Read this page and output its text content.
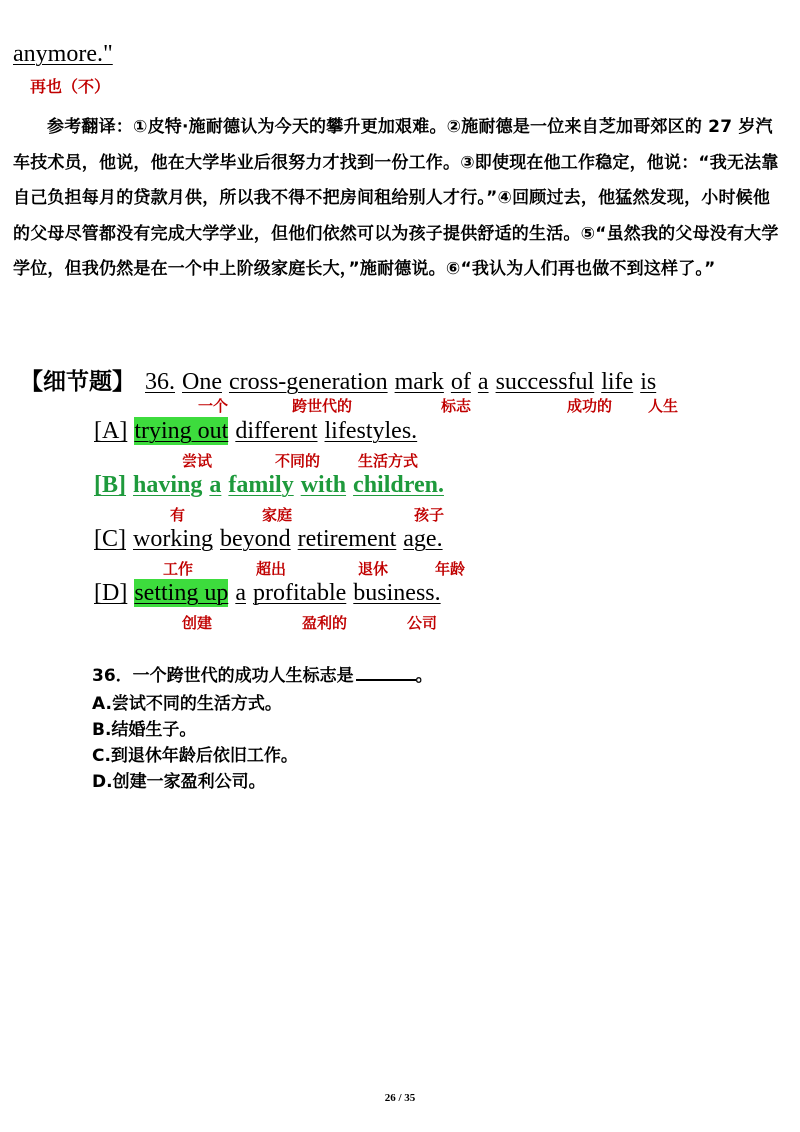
anymore."
再也（不）
参考翻译：①皮特·施耐德认为今天的攀升更加艰难。②施耐德是一位来自芝加哥郊区的 27 岁汽车技术员，他说，他在大学毕业后很努力才找到一份工作。③即使现在他工作稳定，他说：“我无法靠自己负担每月的贷款月供，所以我不得不把房间租给别人才行。”④回顾过去，他猛然发现，小时候他的父母尽管都没有完成大学学业，但他们依然可以为孩子提供舒适的生活。⑤“虽然我的父母没有大学学位，但我仍然是在一个中上阶级家庭长大，”施耐德说。⑥“我认为人们再也做不到这样了。”
【细节题】 36. One cross-generation mark of a successful life is
一个	跨世代的	标志	成功的 人生
[A] trying out different lifestyles.
尝试	不同的	生活方式
[B] having a family with children.
有	家庭	孩子
[C] working beyond retirement age.
工作	超出	退休	年龄
[D] setting up a profitable business.
创建	盈利的	公司
36．一个跨世代的成功人生标志是	。
A.尝试不同的生活方式。
B.结婚生子。
C.到退休年龄后依旧工作。
D.创建一家盈利公司。
26 / 35
